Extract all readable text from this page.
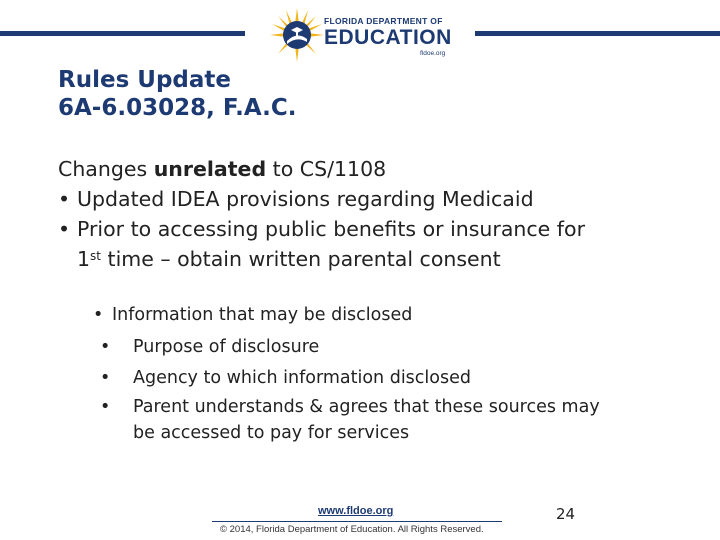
FLORIDA DEPARTMENT OF
EDUCATION
fldoe.org
Rules Update
6A-6.03028, F.A.C.
Changes unrelated to CS/1108
• Updated IDEA provisions regarding Medicaid
• Prior to accessing public benefits or insurance for
1st time – obtain written parental consent
• Information that may be disclosed
• Purpose of disclosure
• Agency to which information disclosed
• Parent understands & agrees that these sources may
be accessed to pay for services
www.fldoe.org
© 2014, Florida Department of Education. All Rights Reserved.
24
